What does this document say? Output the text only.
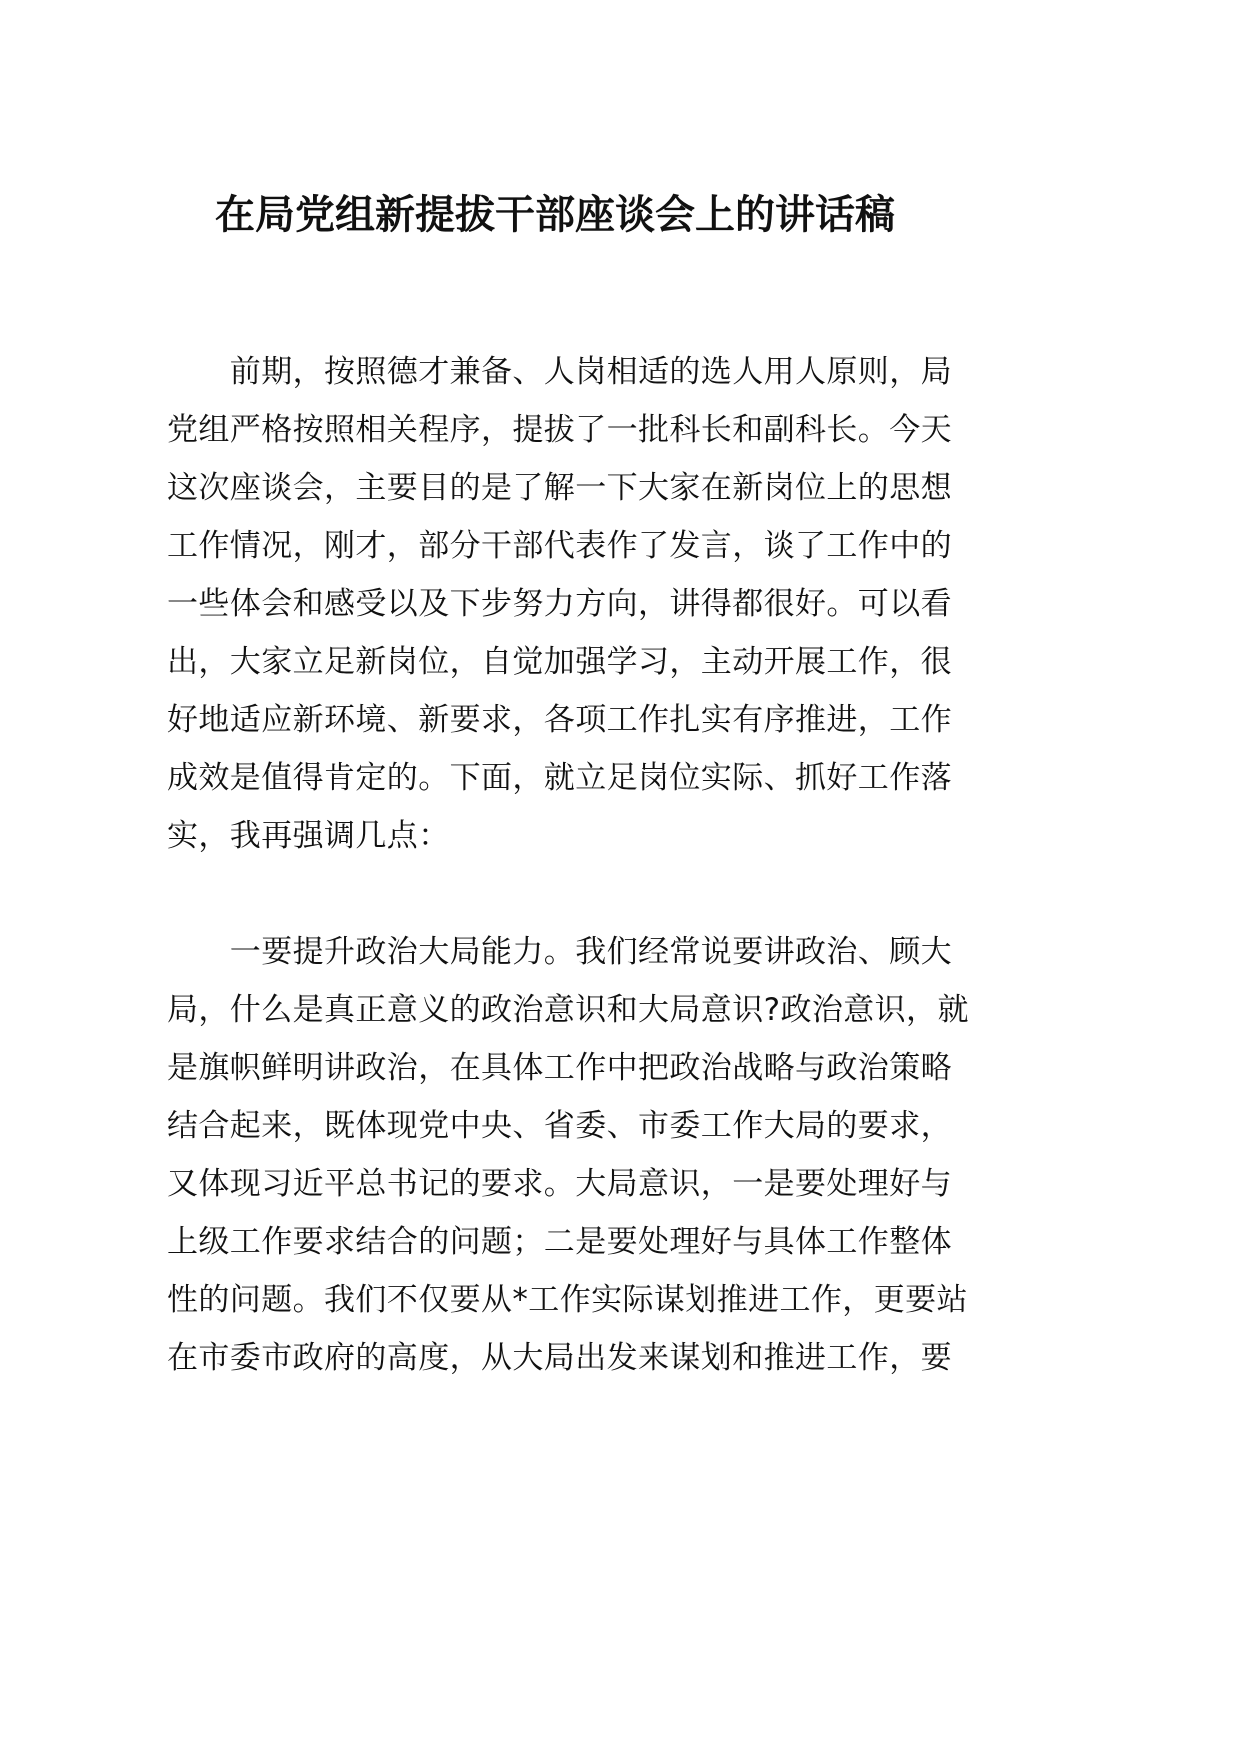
在局党组新提拔干部座谈会上的讲话稿
　　前期，按照德才兼备、人岗相适的选人用人原则，局
党组严格按照相关程序，提拔了一批科长和副科长。今天
这次座谈会，主要目的是了解一下大家在新岗位上的思想
工作情况，刚才，部分干部代表作了发言，谈了工作中的
一些体会和感受以及下步努力方向，讲得都很好。可以看
出，大家立足新岗位，自觉加强学习，主动开展工作，很
好地适应新环境、新要求，各项工作扎实有序推进，工作
成效是值得肯定的。下面，就立足岗位实际、抓好工作落
实，我再强调几点：
　　一要提升政治大局能力。我们经常说要讲政治、顾大
局，什么是真正意义的政治意识和大局意识?政治意识，就
是旗帜鲜明讲政治，在具体工作中把政治战略与政治策略
结合起来，既体现党中央、省委、市委工作大局的要求，
又体现习近平总书记的要求。大局意识，一是要处理好与
上级工作要求结合的问题；二是要处理好与具体工作整体
性的问题。我们不仅要从*工作实际谋划推进工作，更要站
在市委市政府的高度，从大局出发来谋划和推进工作，要
